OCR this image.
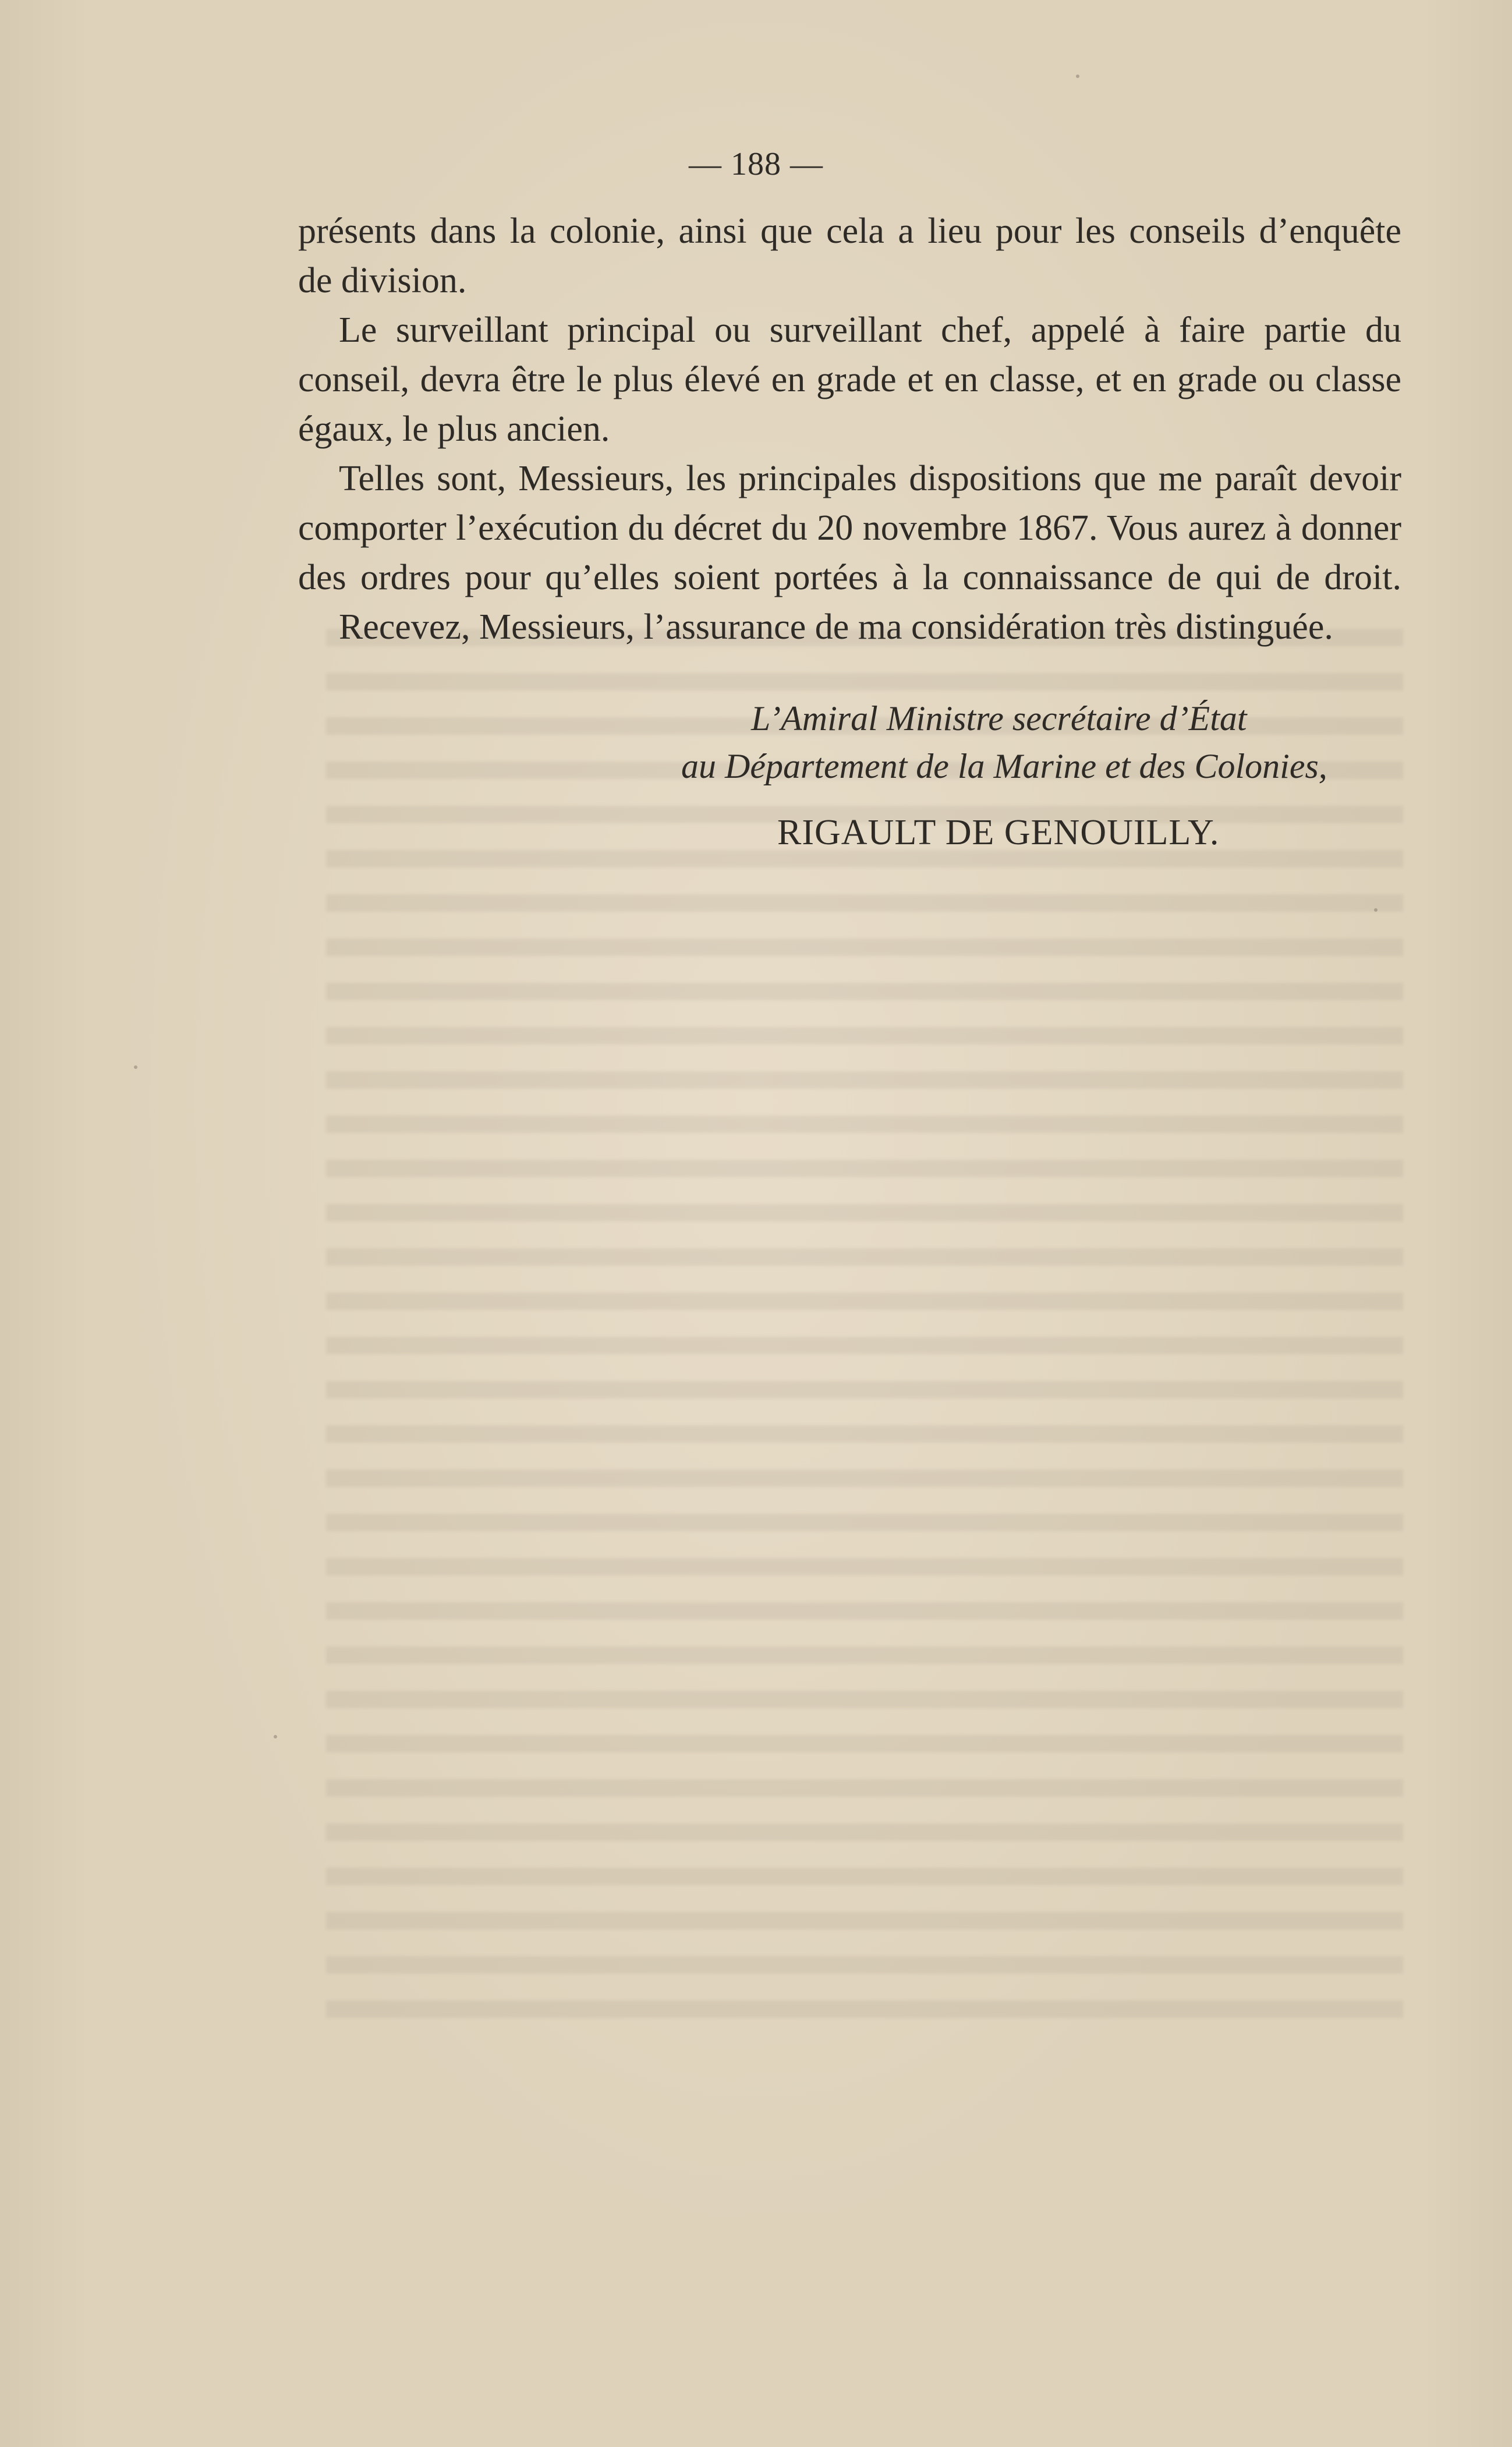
— 188 —

présents dans la colonie, ainsi que cela a lieu pour les conseils d’enquête
de division.

Le surveillant principal ou surveillant chef, appelé à faire partie du
conseil, devra être le plus élevé en grade et en classe, et en grade ou classe
égaux, le plus ancien.

Telles sont, Messieurs, les principales dispositions que me paraît devoir
comporter l’exécution du décret du 20 novembre 1867. Vous aurez à donner
des ordres pour qu’elles soient portées à la connaissance de qui de droit.

Recevez, Messieurs, l’assurance de ma considération très distinguée.

L’Amiral Ministre secrétaire d’État
au Département de la Marine et des Colonies,
RIGAULT DE GENOUILLY.
